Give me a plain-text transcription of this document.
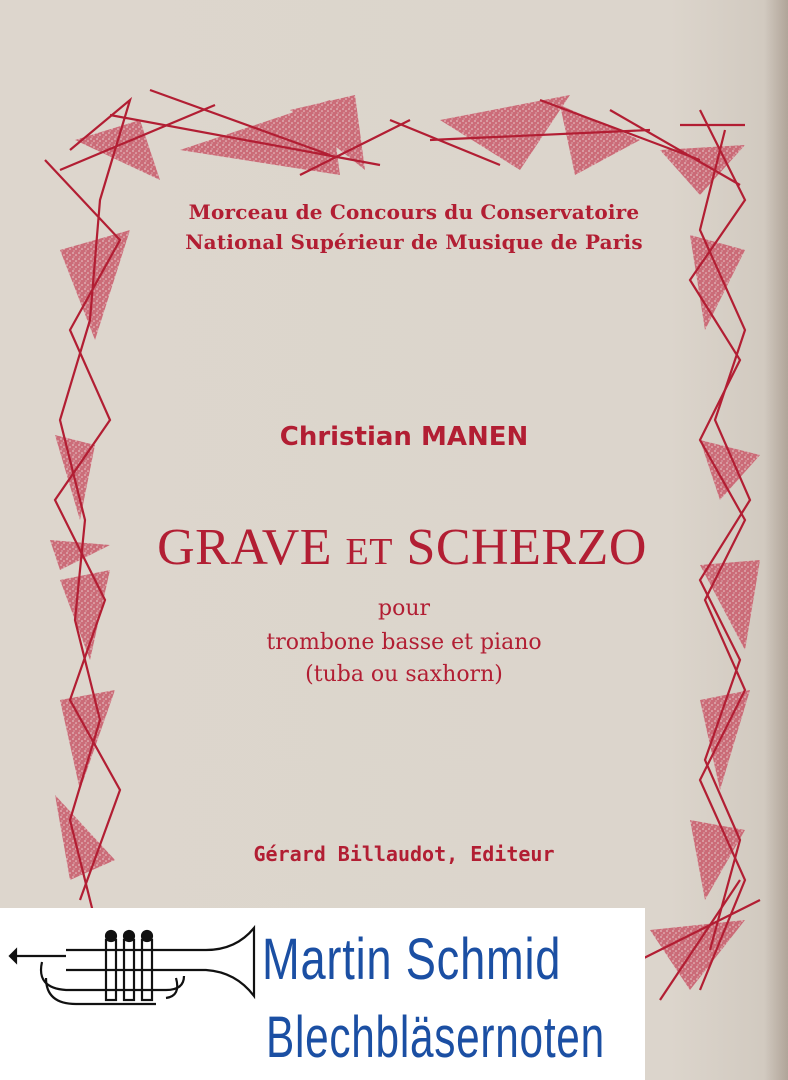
Morceau de Concours du Conservatoire
National Supérieur de Musique de Paris
Christian MANEN
GRAVE ET SCHERZO
pour
trombone basse et piano
(tuba ou saxhorn)
Gérard Billaudot, Editeur
Martin Schmid
Blechbläsernoten
